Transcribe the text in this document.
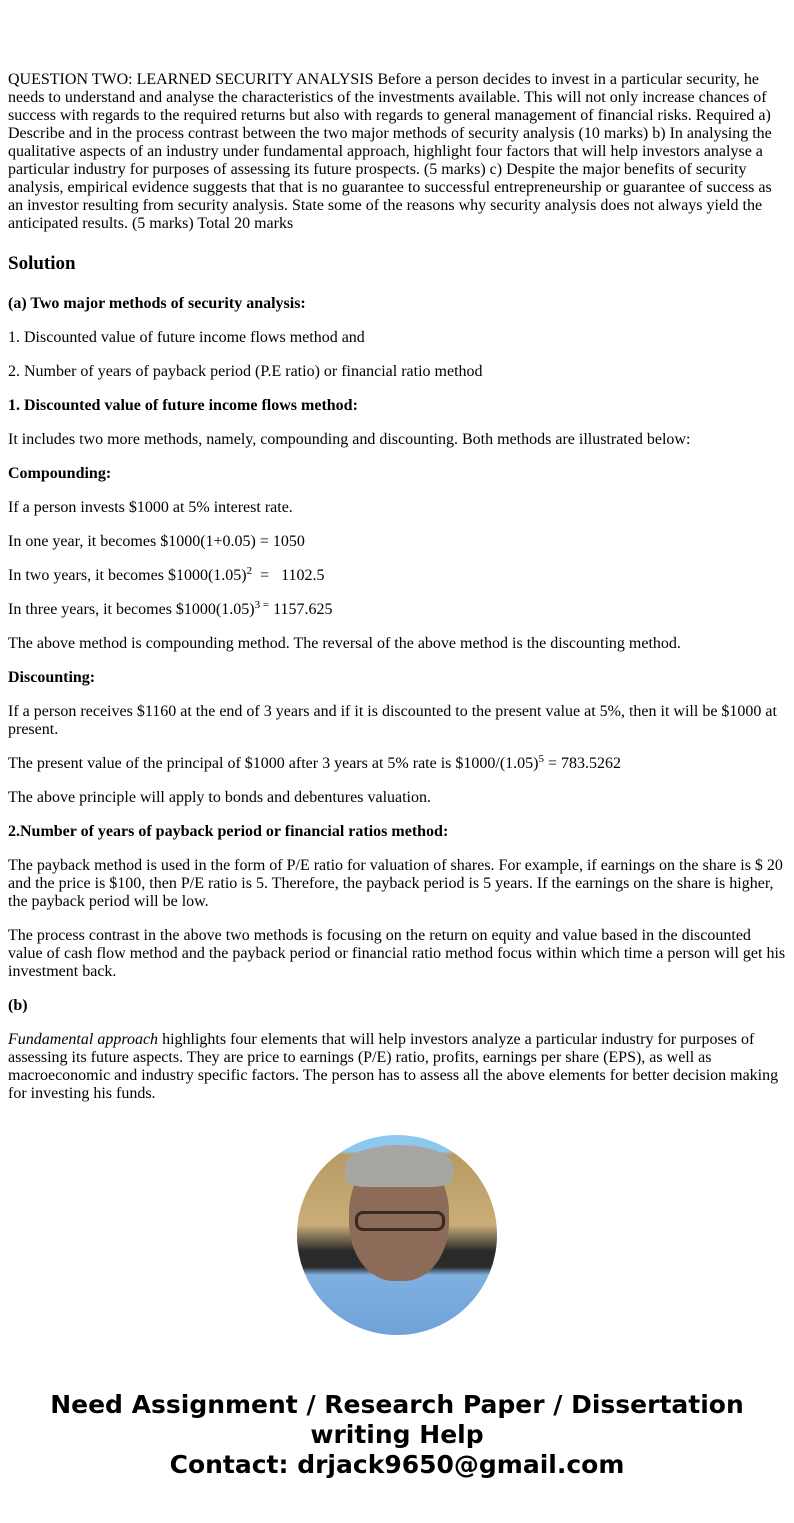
QUESTION TWO: LEARNED SECURITY ANALYSIS Before a person decides to invest in a particular security, he needs to understand and analyse the characteristics of the investments available. This will not only increase chances of success with regards to the required returns but also with regards to general management of financial risks. Required a) Describe and in the process contrast between the two major methods of security analysis (10 marks) b) In analysing the qualitative aspects of an industry under fundamental approach, highlight four factors that will help investors analyse a particular industry for purposes of assessing its future prospects. (5 marks) c) Despite the major benefits of security analysis, empirical evidence suggests that that is no guarantee to successful entrepreneurship or guarantee of success as an investor resulting from security analysis. State some of the reasons why security analysis does not always yield the anticipated results. (5 marks) Total 20 marks

Solution

(a) Two major methods of security analysis:

1. Discounted value of future income flows method and

2. Number of years of payback period (P.E ratio) or financial ratio method

1. Discounted value of future income flows method:

It includes two more methods, namely, compounding and discounting. Both methods are illustrated below:

Compounding:

If a person invests $1000 at 5% interest rate.

In one year, it becomes $1000(1+0.05) = 1050

In two years, it becomes $\$1000(1.05)^2 = 1102.5$

In three years, it becomes $\$1000(1.05)^{3 =}$ 1157.625

The above method is compounding method. The reversal of the above method is the discounting method.

Discounting:

If a person receives $1160 at the end of 3 years and if it is discounted to the present value at 5%, then it will be $1000 at present.

The present value of the principal of $1000 after 3 years at 5% rate is $\$1000/(1.05)^5 = 783.5262$

The above principle will apply to bonds and debentures valuation.

2.Number of years of payback period or financial ratios method:

The payback method is used in the form of P/E ratio for valuation of shares. For example, if earnings on the share is $ 20 and the price is $100, then P/E ratio is 5. Therefore, the payback period is 5 years. If the earnings on the share is higher, the payback period will be low.

The process contrast in the above two methods is focusing on the return on equity and value based in the discounted value of cash flow method and the payback period or financial ratio method focus within which time a person will get his investment back.

(b)

Fundamental approach highlights four elements that will help investors analyze a particular industry for purposes of assessing its future aspects. They are price to earnings (P/E) ratio, profits, earnings per share (EPS), as well as macroeconomic and industry specific factors. The person has to assess all the above elements for better decision making for investing his funds.

Need Assignment / Research Paper / Dissertation writing Help
Contact: drjack9650@gmail.com
